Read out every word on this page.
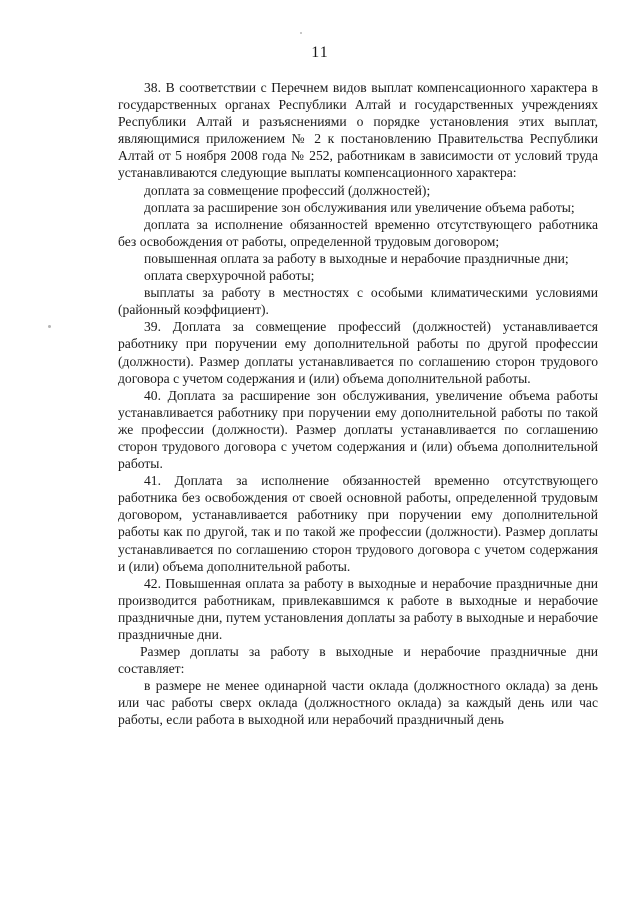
11

38. В соответствии с Перечнем видов выплат компенсационного характера в государственных органах Республики Алтай и государственных учреждениях Республики Алтай и разъяснениями о порядке установления этих выплат, являющимися приложением № 2 к постановлению Правительства Республики Алтай от 5 ноября 2008 года № 252, работникам в зависимости от условий труда устанавливаются следующие выплаты компенсационного характера:

доплата за совмещение профессий (должностей);

доплата за расширение зон обслуживания или увеличение объема работы;

доплата за исполнение обязанностей временно отсутствующего работника без освобождения от работы, определенной трудовым договором;

повышенная оплата за работу в выходные и нерабочие праздничные дни;

оплата сверхурочной работы;

выплаты за работу в местностях с особыми климатическими условиями (районный коэффициент).

39. Доплата за совмещение профессий (должностей) устанавливается работнику при поручении ему дополнительной работы по другой профессии (должности). Размер доплаты устанавливается по соглашению сторон трудового договора с учетом содержания и (или) объема дополнительной работы.

40. Доплата за расширение зон обслуживания, увеличение объема работы устанавливается работнику при поручении ему дополнительной работы по такой же профессии (должности). Размер доплаты устанавливается по соглашению сторон трудового договора с учетом содержания и (или) объема дополнительной работы.

41. Доплата за исполнение обязанностей временно отсутствующего работника без освобождения от своей основной работы, определенной трудовым договором, устанавливается работнику при поручении ему дополнительной работы как по другой, так и по такой же профессии (должности). Размер доплаты устанавливается по соглашению сторон трудового договора с учетом содержания и (или) объема дополнительной работы.

42. Повышенная оплата за работу в выходные и нерабочие праздничные дни производится работникам, привлекавшимся к работе в выходные и нерабочие праздничные дни, путем установления доплаты за работу в выходные и нерабочие праздничные дни.

Размер доплаты за работу в выходные и нерабочие праздничные дни составляет:

в размере не менее одинарной части оклада (должностного оклада) за день или час работы сверх оклада (должностного оклада) за каждый день или час работы, если работа в выходной или нерабочий праздничный день
